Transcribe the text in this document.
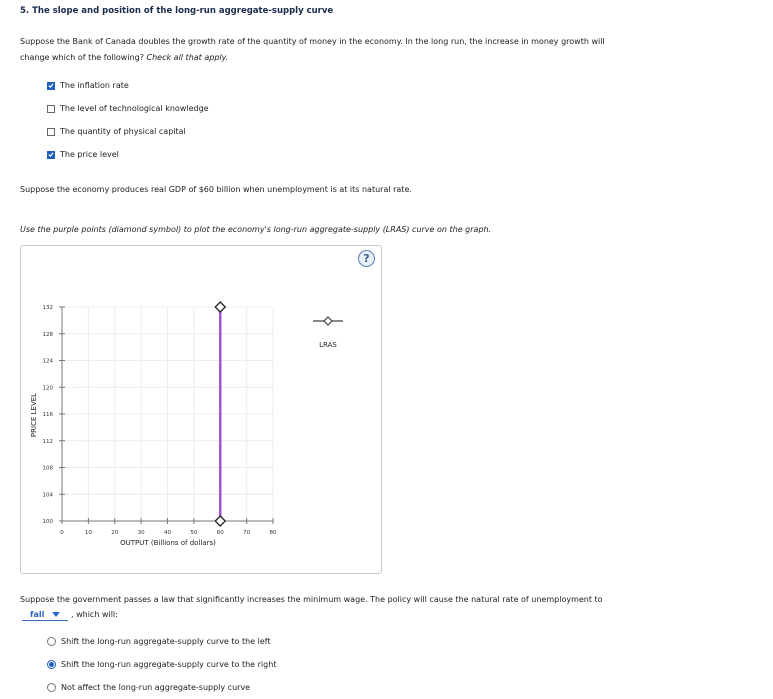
5. The slope and position of the long-run aggregate-supply curve
Suppose the Bank of Canada doubles the growth rate of the quantity of money in the economy. In the long run, the increase in money growth will
change which of the following? Check all that apply.
The inflation rate
The level of technological knowledge
The quantity of physical capital
The price level
Suppose the economy produces real GDP of $60 billion when unemployment is at its natural rate.
Use the purple points (diamond symbol) to plot the economy's long-run aggregate-supply (LRAS) curve on the graph.
?
100
104
108
112
116
120
124
128
132
0	10	20	30	40	50	60	70	80
LRAS
OUTPUT (Billions of dollars)
PRICE LEVEL
Suppose the government passes a law that significantly increases the minimum wage. The policy will cause the natural rate of unemployment to
fall	, which will:
Shift the long-run aggregate-supply curve to the left
Shift the long-run aggregate-supply curve to the right
Not affect the long-run aggregate-supply curve
